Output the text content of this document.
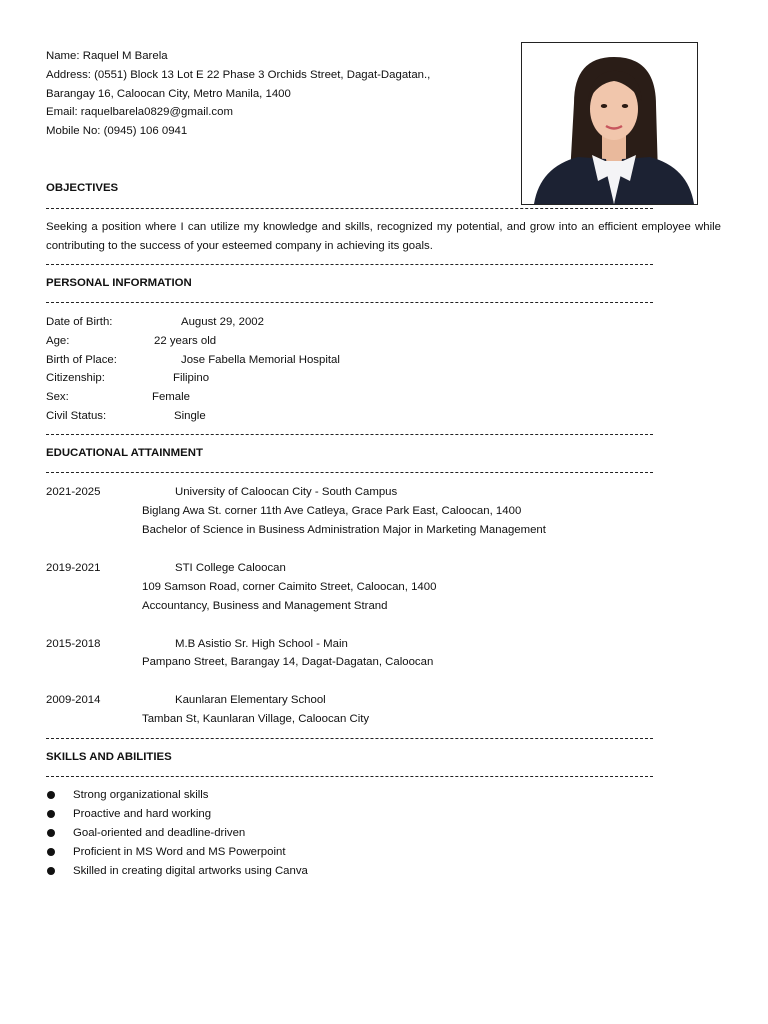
Name: Raquel M Barela
Address: (0551) Block 13 Lot E 22 Phase 3 Orchids Street, Dagat-Dagatan.,
Barangay 16, Caloocan City, Metro Manila, 1400
Email: raquelbarela0829@gmail.com
Mobile No: (0945) 106 0941
OBJECTIVES
Seeking a position where I can utilize my knowledge and skills, recognized my potential, and grow into an efficient employee while contributing to the success of your esteemed company in achieving its goals.
PERSONAL INFORMATION
Date of Birth:	August 29, 2002
Age:	22 years old
Birth of Place:	Jose Fabella Memorial Hospital
Citizenship:	Filipino
Sex:	Female
Civil Status:	Single
EDUCATIONAL ATTAINMENT
2021-2025	University of Caloocan City - South Campus
Biglang Awa St. corner 11th Ave Catleya, Grace Park East, Caloocan, 1400
Bachelor of Science in Business Administration Major in Marketing Management
2019-2021	STI College Caloocan
109 Samson Road, corner Caimito Street, Caloocan, 1400
Accountancy, Business and Management Strand
2015-2018	M.B Asistio Sr. High School - Main
Pampano Street, Barangay 14, Dagat-Dagatan, Caloocan
2009-2014	Kaunlaran Elementary School
Tamban St, Kaunlaran Village, Caloocan City
SKILLS AND ABILITIES
Strong organizational skills
Proactive and hard working
Goal-oriented and deadline-driven
Proficient in MS Word and MS Powerpoint
Skilled in creating digital artworks using Canva
